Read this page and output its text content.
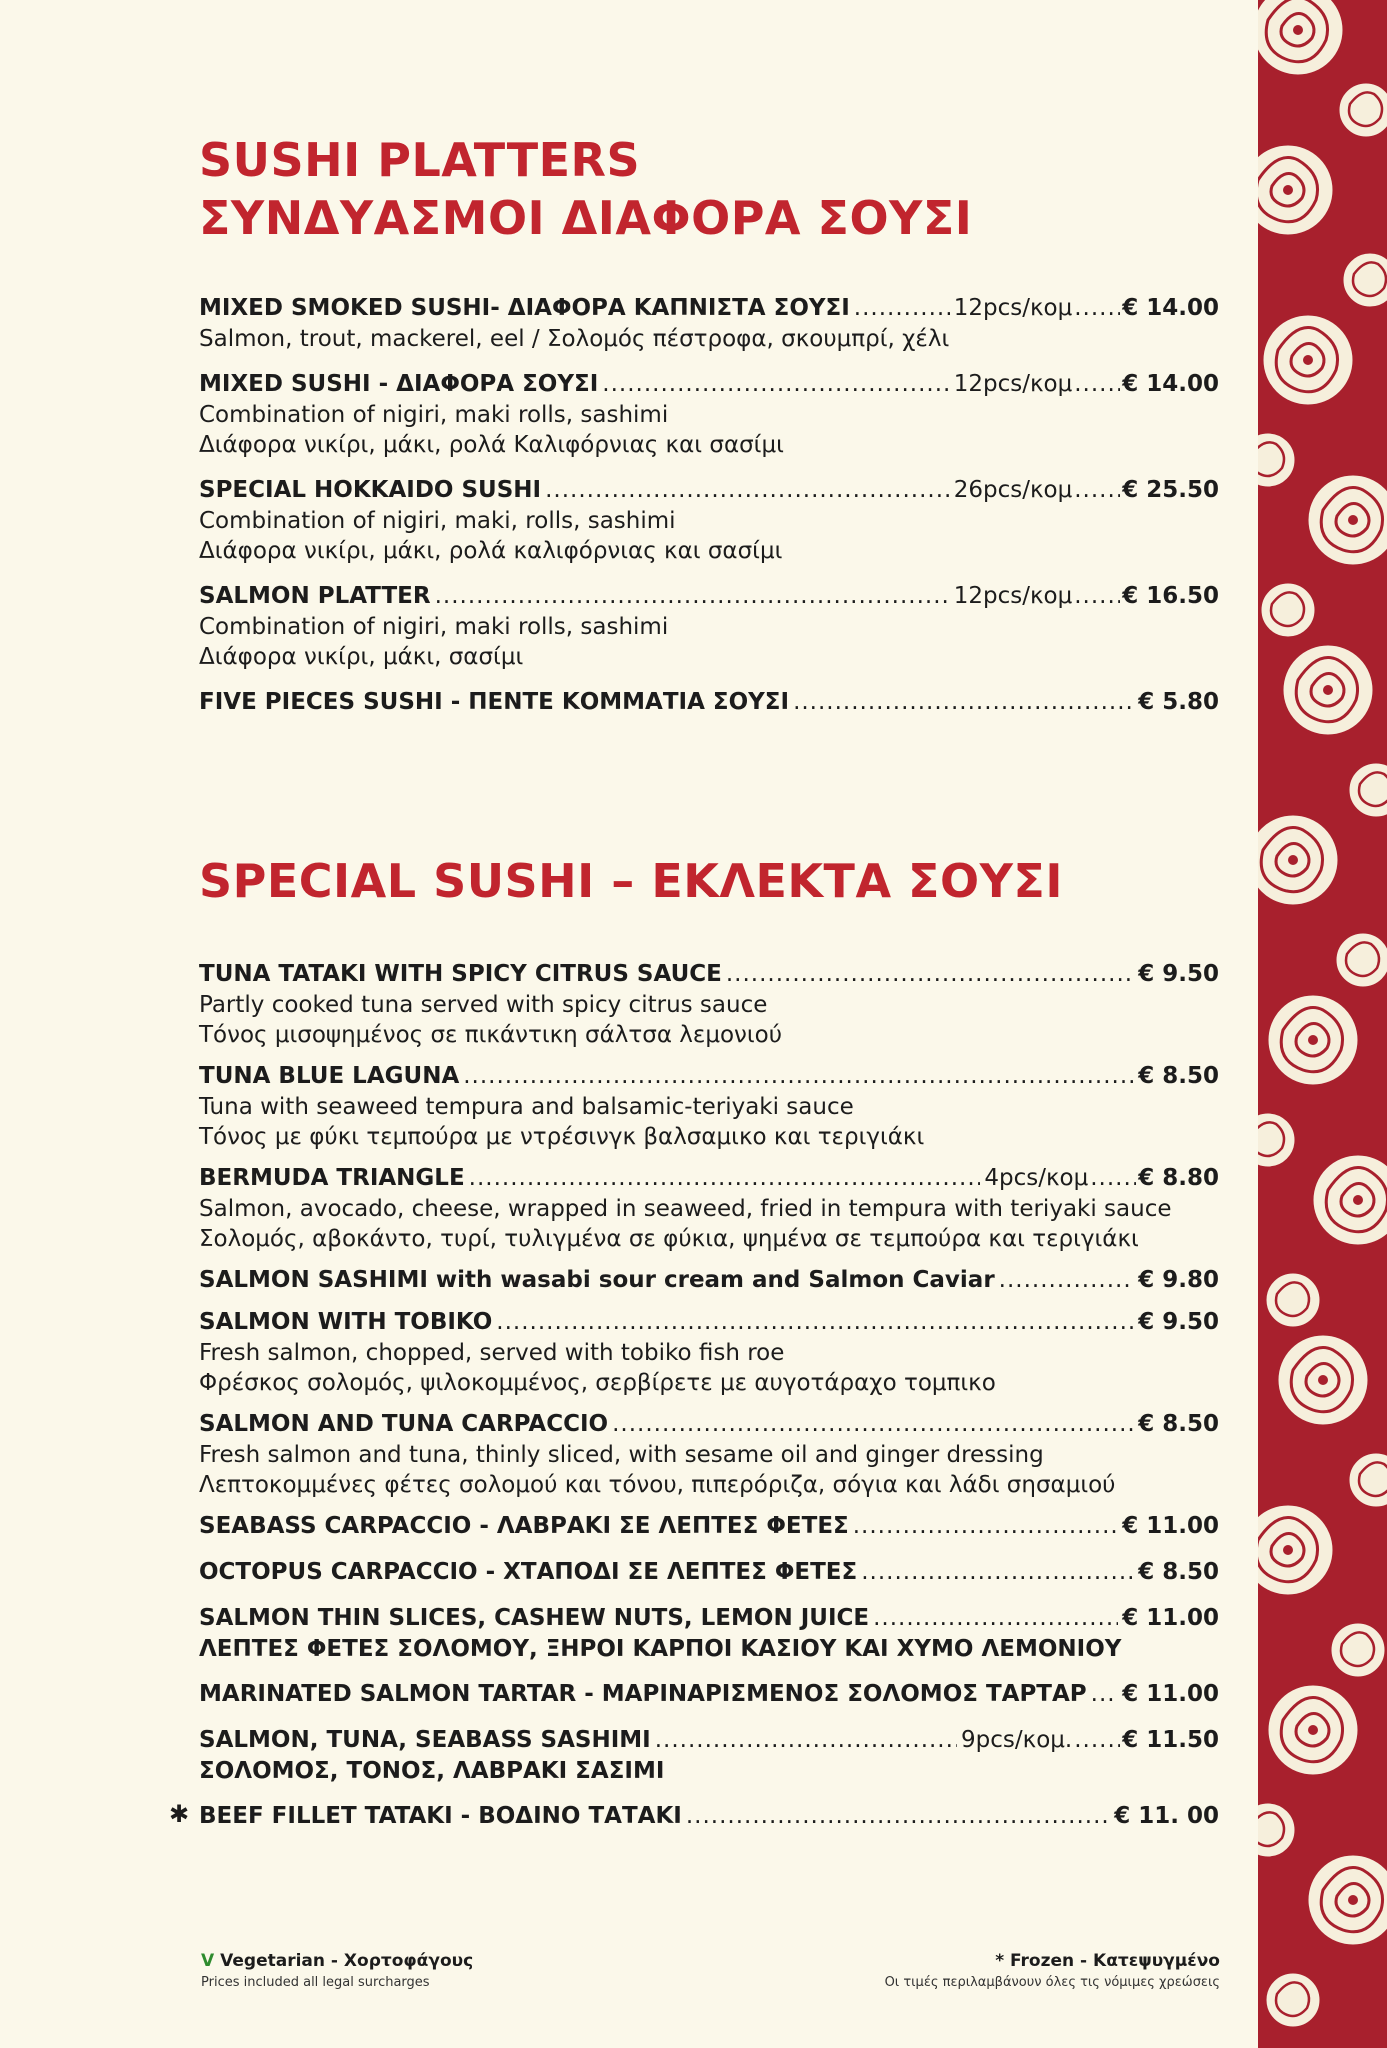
SUSHI PLATTERS
ΣΥΝΔΥΑΣΜΟΙ ΔΙΑΦΟΡΑ ΣΟΥΣΙ
MIXED SMOKED SUSHI- ΔΙΑΦΟΡΑ ΚΑΠΝΙΣΤΑ ΣΟΥΣΙ .....	12pcs/κομ ..... € 14.00
Salmon, trout, mackerel, eel / Σολομός πέστροφα, σκουμπρί, χέλι
MIXED SUSHI - ΔΙΑΦΟΡΑ ΣΟΥΣΙ .....	12pcs/κομ ..... € 14.00
Combination of nigiri, maki rolls, sashimi
Διάφορα νικίρι, μάκι, ρολά Καλιφόρνιας και σασίμι
SPECIAL HOKKAIDO SUSHI .....	26pcs/κομ ..... € 25.50
Combination of nigiri, maki, rolls, sashimi
Διάφορα νικίρι, μάκι, ρολά καλιφόρνιας και σασίμι
SALMON PLATTER .....	12pcs/κομ ..... € 16.50
Combination of nigiri, maki rolls, sashimi
Διάφορα νικίρι, μάκι, σασίμι
FIVE PIECES SUSHI - ΠΕΝΤΕ ΚΟΜΜΑΤΙΑ ΣΟΥΣΙ .....	€ 5.80
SPECIAL SUSHI – ΕΚΛΕΚΤΑ ΣΟΥΣΙ
TUNA TATAKI WITH SPICY CITRUS SAUCE .....	€ 9.50
Partly cooked tuna served with spicy citrus sauce
Τόνος μισοψημένος σε πικάντικη σάλτσα λεμονιού
TUNA BLUE LAGUNA .....	€ 8.50
Tuna with seaweed tempura and balsamic-teriyaki sauce
Τόνος με φύκι τεμπούρα με ντρέσινγκ βαλσαμικο και τεριγιάκι
BERMUDA TRIANGLE .....	4pcs/κομ ..... € 8.80
Salmon, avocado, cheese, wrapped in seaweed, fried in tempura with teriyaki sauce
Σολομός, αβοκάντο, τυρί, τυλιγμένα σε φύκια, ψημένα σε τεμπούρα και τεριγιάκι
SALMON SASHIMI with wasabi sour cream and Salmon Caviar .....	€ 9.80
SALMON WITH TOBIKO .....	€ 9.50
Fresh salmon, chopped, served with tobiko fish roe
Φρέσκος σολομός, ψιλοκομμένος, σερβίρετε με αυγοτάραχο τομπικο
SALMON AND TUNA CARPACCIO .....	€ 8.50
Fresh salmon and tuna, thinly sliced, with sesame oil and ginger dressing
Λεπτοκομμένες φέτες σολομού και τόνου, πιπερόριζα, σόγια και λάδι σησαμιού
SEABASS CARPACCIO - ΛΑΒΡΑΚΙ ΣΕ ΛΕΠΤΕΣ ΦΕΤΕΣ .....	€ 11.00
OCTOPUS CARPACCIO - ΧΤΑΠΟΔΙ ΣΕ ΛΕΠΤΕΣ ΦΕΤΕΣ .....	€ 8.50
SALMON THIN SLICES, CASHEW NUTS, LEMON JUICE .....	€ 11.00
ΛΕΠΤΕΣ ΦΕΤΕΣ ΣΟΛΟΜΟΥ, ΞΗΡΟΙ ΚΑΡΠΟΙ ΚΑΣΙΟΥ ΚΑΙ ΧΥΜΟ ΛΕΜΟΝΙΟΥ
MARINATED SALMON TARTAR - ΜΑΡΙΝΑΡΙΣΜΕΝΟΣ ΣΟΛΟΜΟΣ ΤΑΡΤΑΡ ..... € 11.00
SALMON, TUNA, SEABASS SASHIMI .....	9pcs/κομ. ..... € 11.50
ΣΟΛΟΜΟΣ, ΤΟΝΟΣ, ΛΑΒΡΑΚΙ ΣΑΣΙΜΙ
✱ BEEF FILLET TATAKI - ΒΟΔΙΝΟ ΤΑΤΑΚΙ .....	€ 11. 00
V Vegetarian - Χορτοφάγους
Prices included all legal surcharges
* Frozen - Κατεψυγμένο
Οι τιμές περιλαμβάνουν όλες τις νόμιμες χρεώσεις
